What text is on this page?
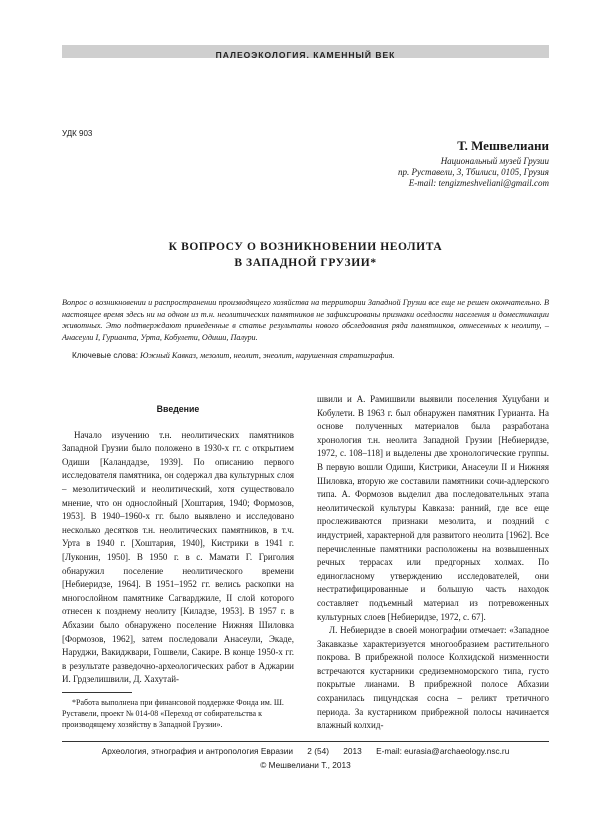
ПАЛЕОЭКОЛОГИЯ. КАМЕННЫЙ ВЕК
УДК 903
Т. Мешвелиани
Национальный музей Грузии
пр. Руставели, 3, Тбилиси, 0105, Грузия
E-mail: tengizmeshveliani@gmail.com
К ВОПРОСУ О ВОЗНИКНОВЕНИИ НЕОЛИТА
В ЗАПАДНОЙ ГРУЗИИ*
Вопрос о возникновении и распространении производящего хозяйства на территории Западной Грузии все еще не решен окончательно. В настоящее время здесь ни на одном из т.н. неолитических памятников не зафиксированы признаки оседлости населения и доместикации животных. Это подтверждают приведенные в статье результаты нового обследования ряда памятников, отнесенных к неолиту, – Анасеули I, Гурианта, Урта, Кобулети, Одиши, Палури.
Ключевые слова: Южный Кавказ, мезолит, неолит, энеолит, нарушенная стратиграфия.
Введение

Начало изучению т.н. неолитических памятников Западной Грузии было положено в 1930-х гг. с открытием Одиши [Каландадзе, 1939]. По описанию первого исследователя памятника, он содержал два культурных слоя – мезолитический и неолитический, хотя существовало мнение, что он однослойный [Хоштария, 1940; Формозов, 1953]. В 1940–1960-х гг. было выявлено и исследовано несколько десятков т.н. неолитических памятников, в т.ч. Урта в 1940 г. [Хоштария, 1940], Кистрики в 1941 г. [Луконин, 1950]. В 1950 г. в с. Мамати Г. Григолия обнаружил поселение неолитического времени [Небиеридзе, 1964]. В 1951–1952 гг. велись раскопки на многослойном памятнике Сагварджиле, II слой которого отнесен к позднему неолиту [Киладзе, 1953]. В 1957 г. в Абхазии было обнаружено поселение Нижняя Шиловка [Формозов, 1962], затем последовали Анасеули, Экаде, Наруджи, Вакиджвари, Гошвели, Сакире. В конце 1950-х гг. в результате разведочно-археологических работ в Аджарии И. Грдзелишвили, Д. Хахутай-

швили и А. Рамишвили выявили поселения Хуцубани и Кобулети. В 1963 г. был обнаружен памятник Гурианта. На основе полученных материалов была разработана хронология т.н. неолита Западной Грузии [Небиеридзе, 1972, с. 108–118] и выделены две хронологические группы. В первую вошли Одиши, Кистрики, Анасеули II и Нижняя Шиловка, вторую же составили памятники сочи-адлерского типа. А. Формозов выделил два последовательных этапа неолитической культуры Кавказа: ранний, где все еще прослеживаются признаки мезолита, и поздний с индустрией, характерной для развитого неолита [1962]. Все перечисленные памятники расположены на возвышенных речных террасах или предгорных холмах. По единогласному утверждению исследователей, они нестратифицированные и большую часть находок составляет подъемный материал из потревоженных культурных слоев [Небиеридзе, 1972, с. 67].

Л. Небиеридзе в своей монографии отмечает: «Западное Закавказье характеризуется многообразием растительного покрова. В прибрежной полосе Колхидской низменности встречаются кустарники средиземноморского типа, густо покрытые лианами. В прибрежной полосе Абхазии сохранилась пицундская сосна – реликт третичного периода. За кустарником прибрежной полосы начинается влажный колхид-

*Работа выполнена при финансовой поддержке Фонда им. Ш. Руставели, проект № 014-08 «Переход от собирательства к производящему хозяйству в Западной Грузии».
Археология, этнография и антропология Евразии 2 (54) 2013 E-mail: eurasia@archaeology.nsc.ru
© Мешвелиани Т., 2013
